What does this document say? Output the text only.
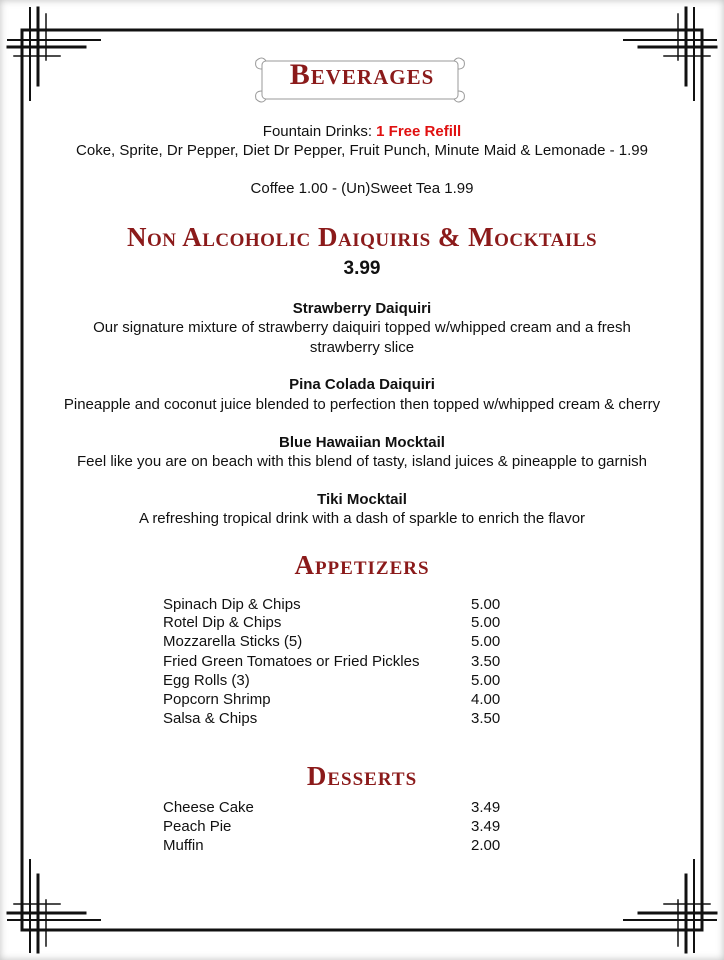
Beverages
Fountain Drinks: 1 Free Refill
Coke, Sprite, Dr Pepper, Diet Dr Pepper, Fruit Punch, Minute Maid & Lemonade - 1.99
Coffee 1.00 - (Un)Sweet Tea 1.99
Non Alcoholic Daiquiris & Mocktails
3.99
Strawberry Daiquiri
Our signature mixture of strawberry daiquiri topped w/whipped cream and a fresh
strawberry slice
Pina Colada Daiquiri
Pineapple and coconut juice blended to perfection then topped w/whipped cream & cherry
Blue Hawaiian Mocktail
Feel like you are on beach with this blend of tasty, island juices & pineapple to garnish
Tiki Mocktail
A refreshing tropical drink with a dash of sparkle to enrich the flavor
Appetizers
Spinach Dip & Chips	5.00
Rotel Dip & Chips	5.00
Mozzarella Sticks (5)	5.00
Fried Green Tomatoes or Fried Pickles	3.50
Egg Rolls (3)	5.00
Popcorn Shrimp	4.00
Salsa & Chips	3.50
Desserts
Cheese Cake	3.49
Peach Pie	3.49
Muffin	2.00
